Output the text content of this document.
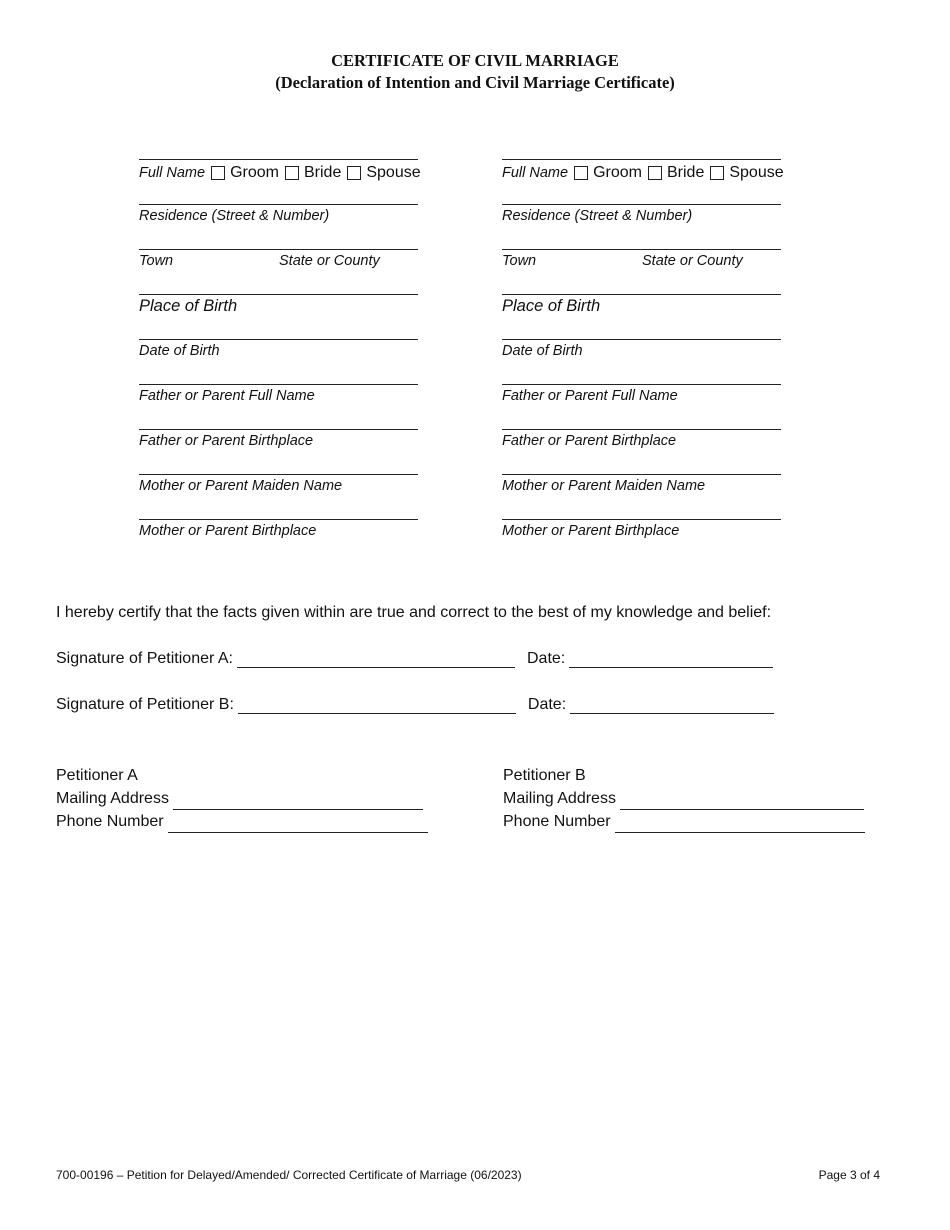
CERTIFICATE OF CIVIL MARRIAGE
(Declaration of Intention and Civil Marriage Certificate)
Full Name Groom Bride Spouse
Residence (Street & Number)
Town	State or County
Place of Birth
Date of Birth
Father or Parent Full Name
Father or Parent Birthplace
Mother or Parent Maiden Name
Mother or Parent Birthplace
Full Name Groom Bride Spouse
Residence (Street & Number)
Town	State or County
Place of Birth
Date of Birth
Father or Parent Full Name
Father or Parent Birthplace
Mother or Parent Maiden Name
Mother or Parent Birthplace
I hereby certify that the facts given within are true and correct to the best of my knowledge and belief:
Signature of Petitioner A:	Date:
Signature of Petitioner B:	Date:
Petitioner A
Mailing Address
Phone Number
Petitioner B
Mailing Address
Phone Number
700-00196 – Petition for Delayed/Amended/ Corrected Certificate of Marriage (06/2023)	Page 3 of 4
